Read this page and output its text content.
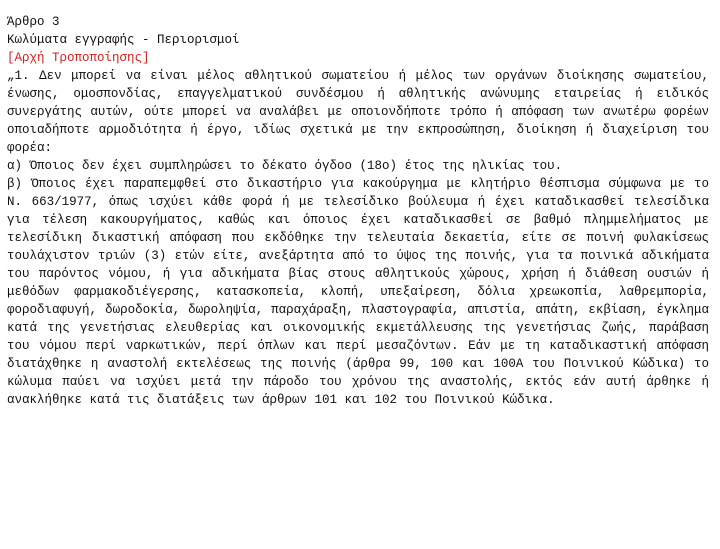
Άρθρο 3
Κωλύματα εγγραφής - Περιορισμοί
[Αρχή Τροποποίησης]
„1. Δεν μπορεί να είναι μέλος αθλητικού σωματείου ή μέλος των οργάνων διοίκησης σωματείου, ένωσης, ομοσπονδίας, επαγγελματικού συνδέσμου ή αθλητικής ανώνυμης εταιρείας ή ειδικός συνεργάτης αυτών, ούτε μπορεί να αναλάβει με οποιονδήποτε τρόπο ή απόφαση των ανωτέρω φορέων οποιαδήποτε αρμοδιότητα ή έργο, ιδίως σχετικά με την εκπροσώπηση, διοίκηση ή διαχείριση του φορέα:
α) Όποιος δεν έχει συμπληρώσει το δέκατο όγδοο (18ο) έτος της ηλικίας του.
β) Όποιος έχει παραπεμφθεί στο δικαστήριο για κακούργημα με κλητήριο θέσπισμα σύμφωνα με το Ν. 663/1977, όπως ισχύει κάθε φορά ή με τελεσίδικο βούλευμα ή έχει καταδικασθεί τελεσίδικα για τέλεση κακουργήματος, καθώς και όποιος έχει καταδικασθεί σε βαθμό πλημμελήματος με τελεσίδικη δικαστική απόφαση που εκδόθηκε την τελευταία δεκαετία, είτε σε ποινή φυλακίσεως τουλάχιστον τριών (3) ετών είτε, ανεξάρτητα από το ύψος της ποινής, για τα ποινικά αδικήματα του παρόντος νόμου, ή για αδικήματα βίας στους αθλητικούς χώρους, χρήση ή διάθεση ουσιών ή μεθόδων φαρμακοδιέγερσης, κατασκοπεία, κλοπή, υπεξαίρεση, δόλια χρεωκοπία, λαθρεμπορία, φοροδιαφυγή, δωροδοκία, δωροληψία, παραχάραξη, πλαστογραφία, απιστία, απάτη, εκβίαση, έγκλημα κατά της γενετήσιας ελευθερίας και οικονομικής εκμετάλλευσης της γενετήσιας ζωής, παράβαση του νόμου περί ναρκωτικών, περί όπλων και περί μεσαζόντων. Εάν με τη καταδικαστική απόφαση διατάχθηκε η αναστολή εκτελέσεως της ποινής (άρθρα 99, 100 και 100Α του Ποινικού Κώδικα) το κώλυμα παύει να ισχύει μετά την πάροδο του χρόνου της αναστολής, εκτός εάν αυτή άρθηκε ή ανακλήθηκε κατά τις διατάξεις των άρθρων 101 και 102 του Ποινικού Κώδικα.
